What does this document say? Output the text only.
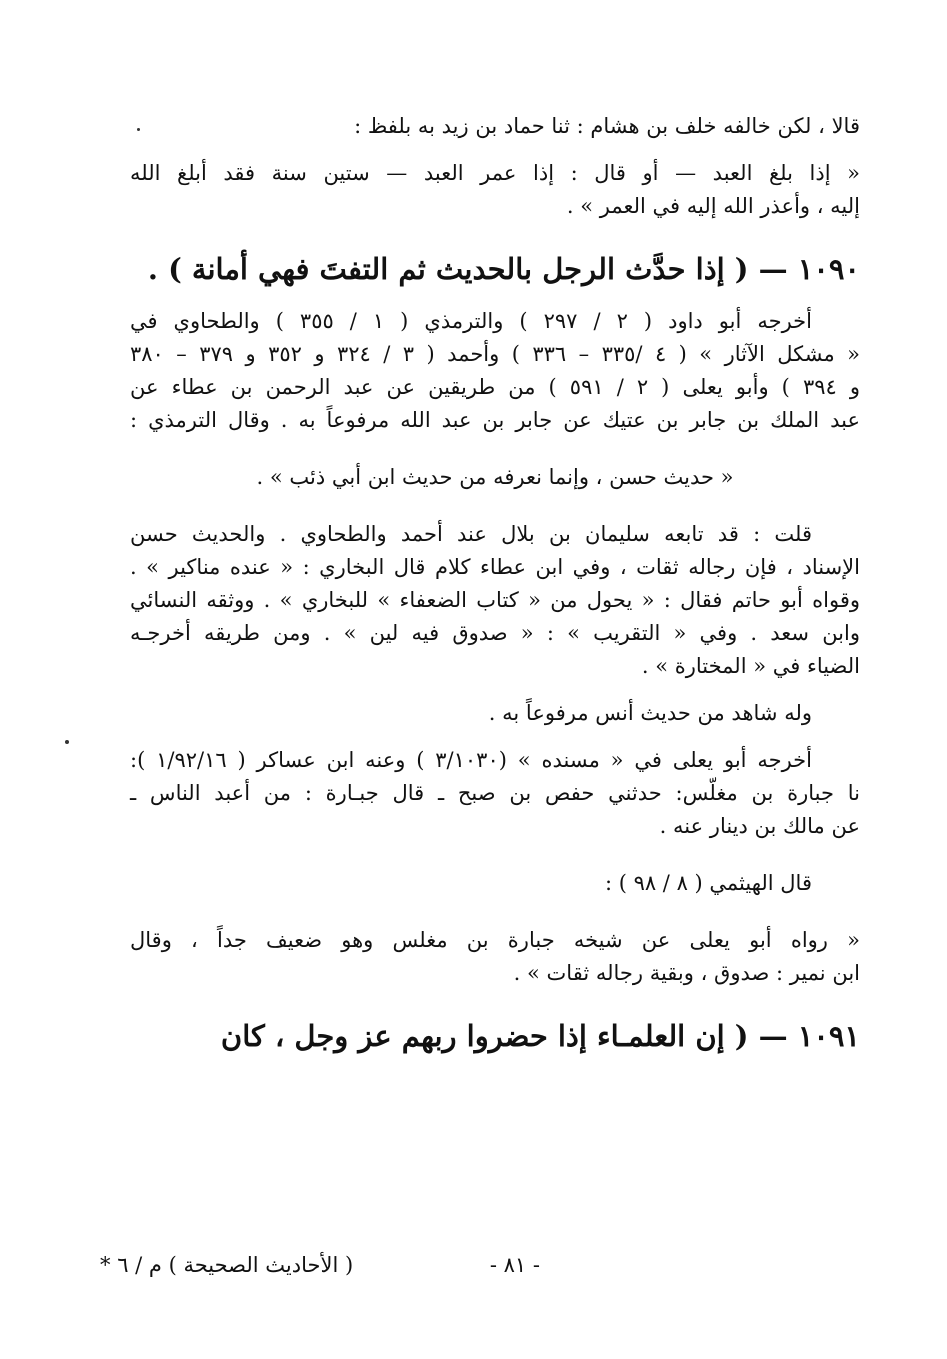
قالا ، لكن خالفه خلف بن هشام : ثنا حماد بن زيد به بلفظ :
« إذا بلغ العبد — أو قال : إذا عمر العبد — ستين سنة فقد أبلغ الله
إليه ، وأعذر الله إليه في العمر » .
١٠٩٠ — ( إذا حدَّث الرجل بالحديث ثم التفتَ فهي أمانة ) .
أخرجه أبو داود ( ٢ / ٢٩٧ ) والترمذي ( ١ / ٣٥٥ ) والطحاوي في
« مشكل الآثار » ( ٤ /٣٣٥ – ٣٣٦ ) وأحمد ( ٣ / ٣٢٤ و ٣٥٢ و ٣٧٩ – ٣٨٠
و ٣٩٤ ) وأبو يعلى ( ٢ / ٥٩١ ) من طريقين عن عبد الرحمن بن عطاء عن
عبد الملك بن جابر بن عتيك عن جابر بن عبد الله مرفوعاً به . وقال الترمذي :
« حديث حسن ، وإنما نعرفه من حديث ابن أبي ذئب » .
قلت : قد تابعه سليمان بن بلال عند أحمد والطحاوي . والحديث حسن
الإسناد ، فإن رجاله ثقات ، وفي ابن عطاء كلام قال البخاري : « عنده مناكير » .
وقواه أبو حاتم فقال : « يحول من « كتاب الضعفاء » للبخاري » . ووثقه النسائي
وابن سعد . وفي « التقريب » : « صدوق فيه لين » . ومن طريقه أخرجـه
الضياء في « المختارة » .
وله شاهد من حديث أنس مرفوعاً به .
أخرجه أبو يعلى في « مسنده » (٣/١٠٣٠ ) وعنه ابن عساكر ( ١/٩٢/١٦ ):
نا جبارة بن مغلّس: حدثني حفص بن صبح ـ قال جبـارة : من أعبد الناس ـ
عن مالك بن دينار عنه .
قال الهيثمي ( ٨ / ٩٨ ) :
« رواه أبو يعلى عن شيخه جبارة بن مغلس وهو ضعيف جداً ، وقال
ابن نمير : صدوق ، وبقية رجاله ثقات » .
١٠٩١ — ( إن العلمـاء إذا حضروا ربهم عز وجل ، كان
- ٨١ -
( الأحاديث الصحيحة ) م / ٦ *
